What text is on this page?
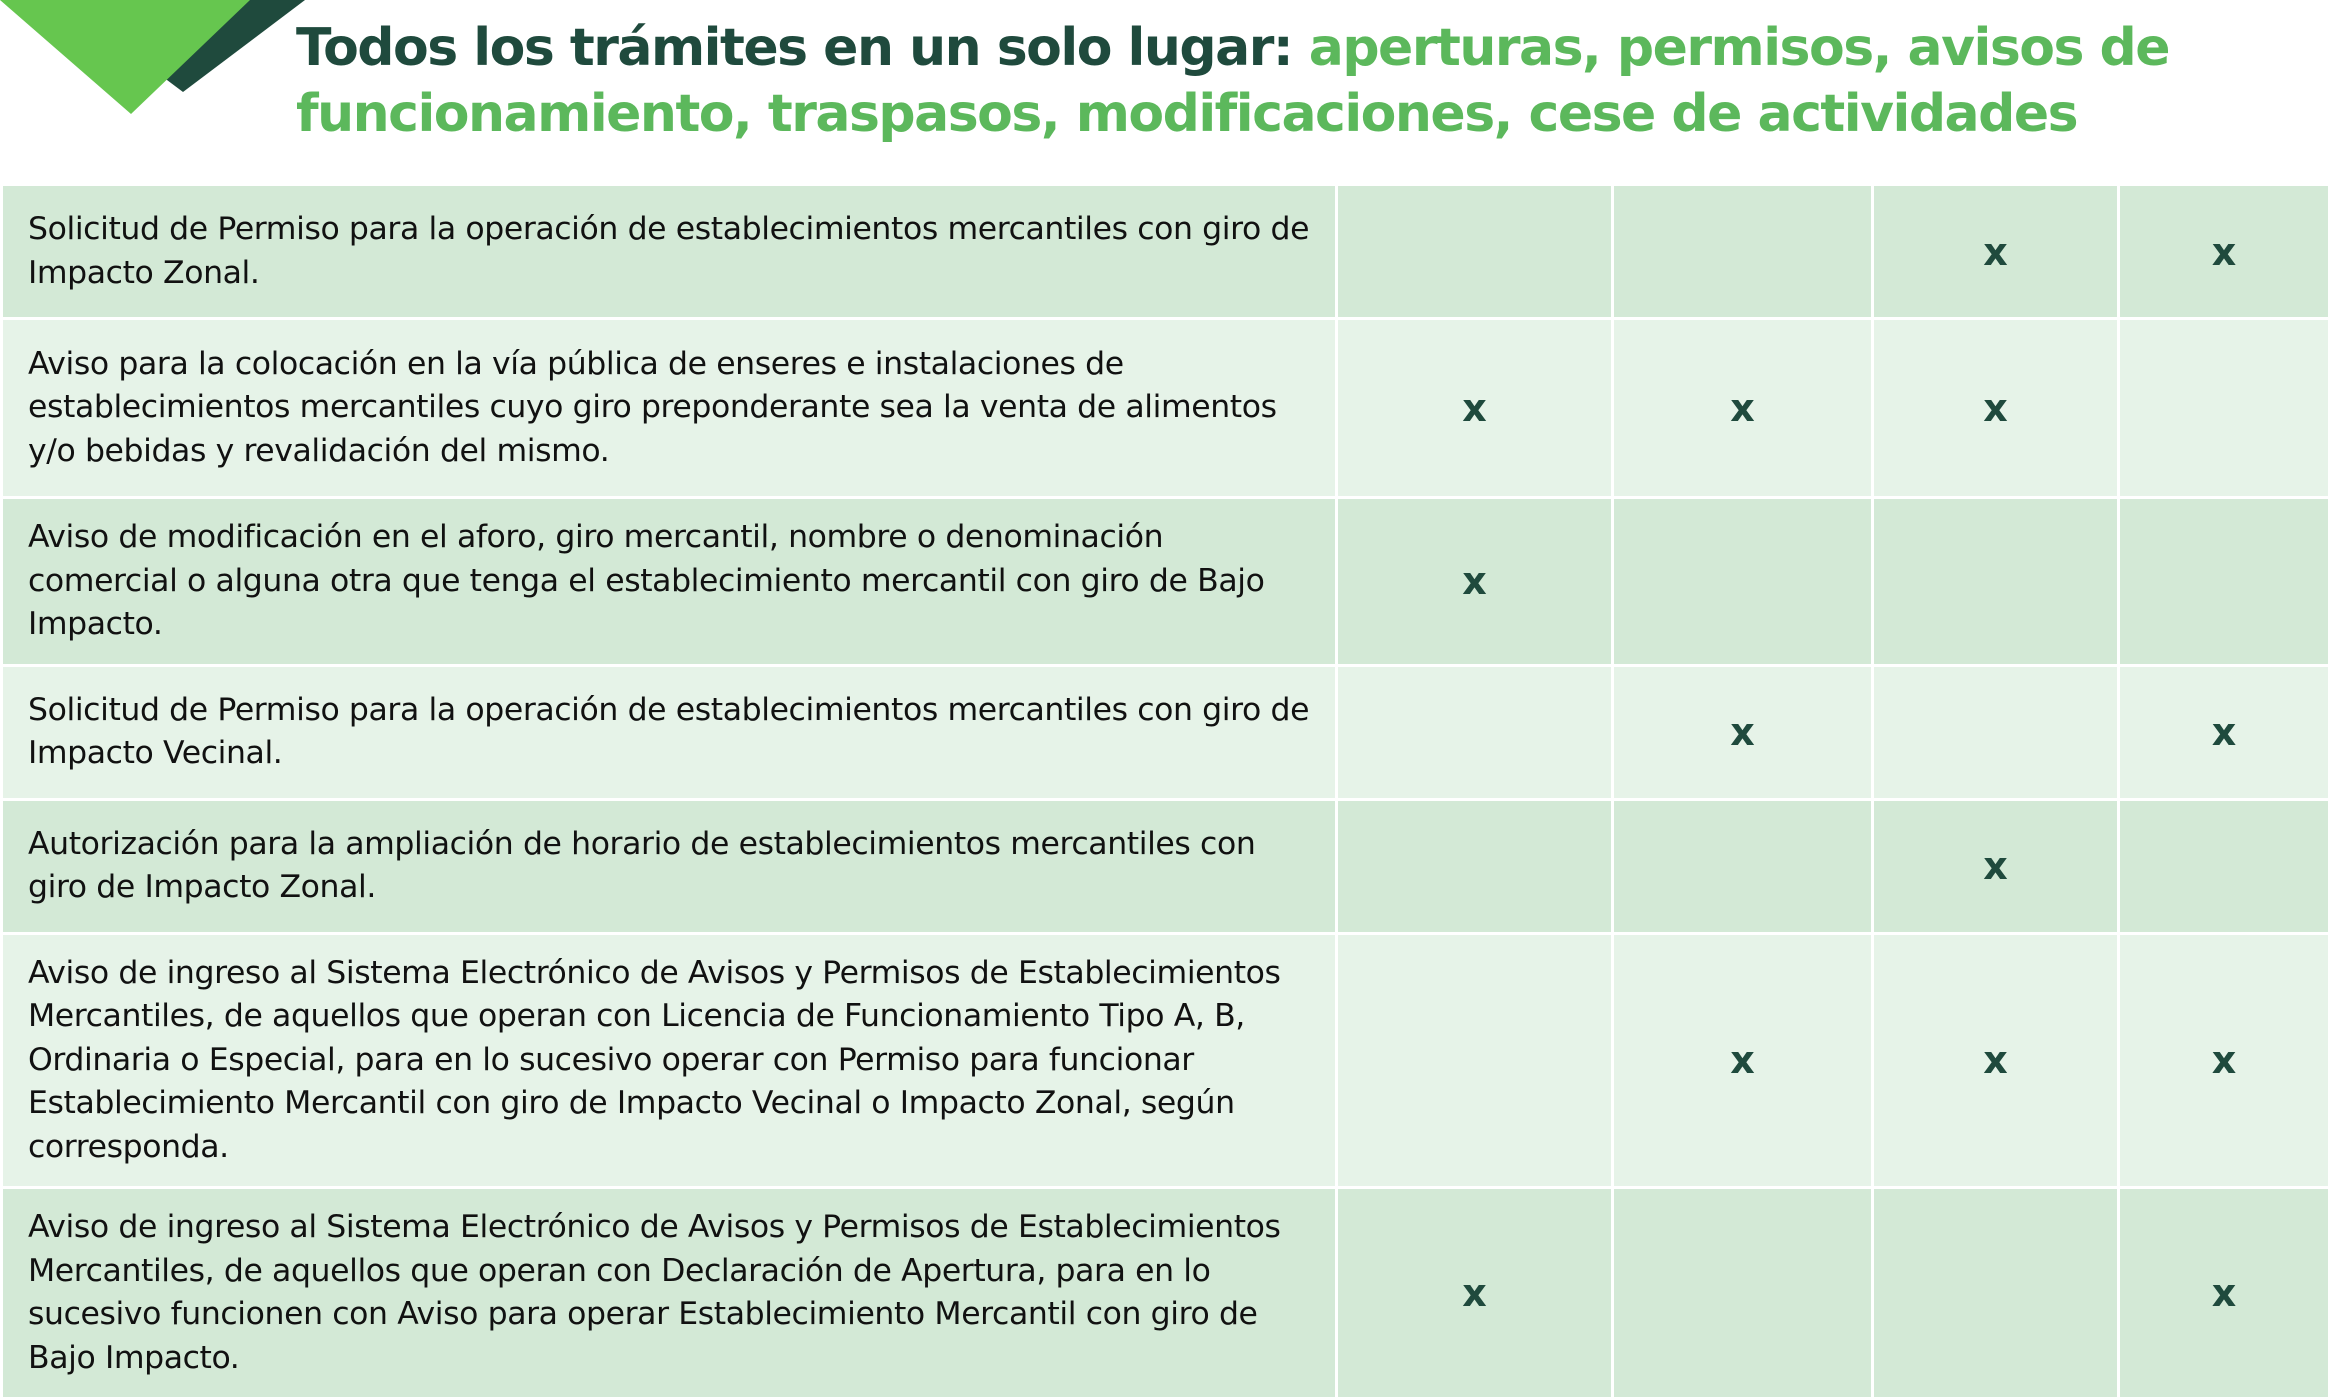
Todos los trámites en un solo lugar: aperturas, permisos, avisos de funcionamiento, traspasos, modificaciones, cese de actividades
Solicitud de Permiso para la operación de establecimientos mercantiles con giro de Impacto Zonal.			x	x
Aviso para la colocación en la vía pública de enseres e instalaciones de establecimientos mercantiles cuyo giro preponderante sea la venta de alimentos y/o bebidas y revalidación del mismo.	x	x	x	
Aviso de modificación en el aforo, giro mercantil, nombre o denominación comercial o alguna otra que tenga el establecimiento mercantil con giro de Bajo Impacto.	x			
Solicitud de Permiso para la operación de establecimientos mercantiles con giro de Impacto Vecinal.		x		x
Autorización para la ampliación de horario de establecimientos mercantiles con giro de Impacto Zonal.			x	
Aviso de ingreso al Sistema Electrónico de Avisos y Permisos de Establecimientos Mercantiles, de aquellos que operan con Licencia de Funcionamiento Tipo A, B, Ordinaria o Especial, para en lo sucesivo operar con Permiso para funcionar Establecimiento Mercantil con giro de Impacto Vecinal o Impacto Zonal, según corresponda.		x	x	x
Aviso de ingreso al Sistema Electrónico de Avisos y Permisos de Establecimientos Mercantiles, de aquellos que operan con Declaración de Apertura, para en lo sucesivo funcionen con Aviso para operar Establecimiento Mercantil con giro de Bajo Impacto.	x			x
